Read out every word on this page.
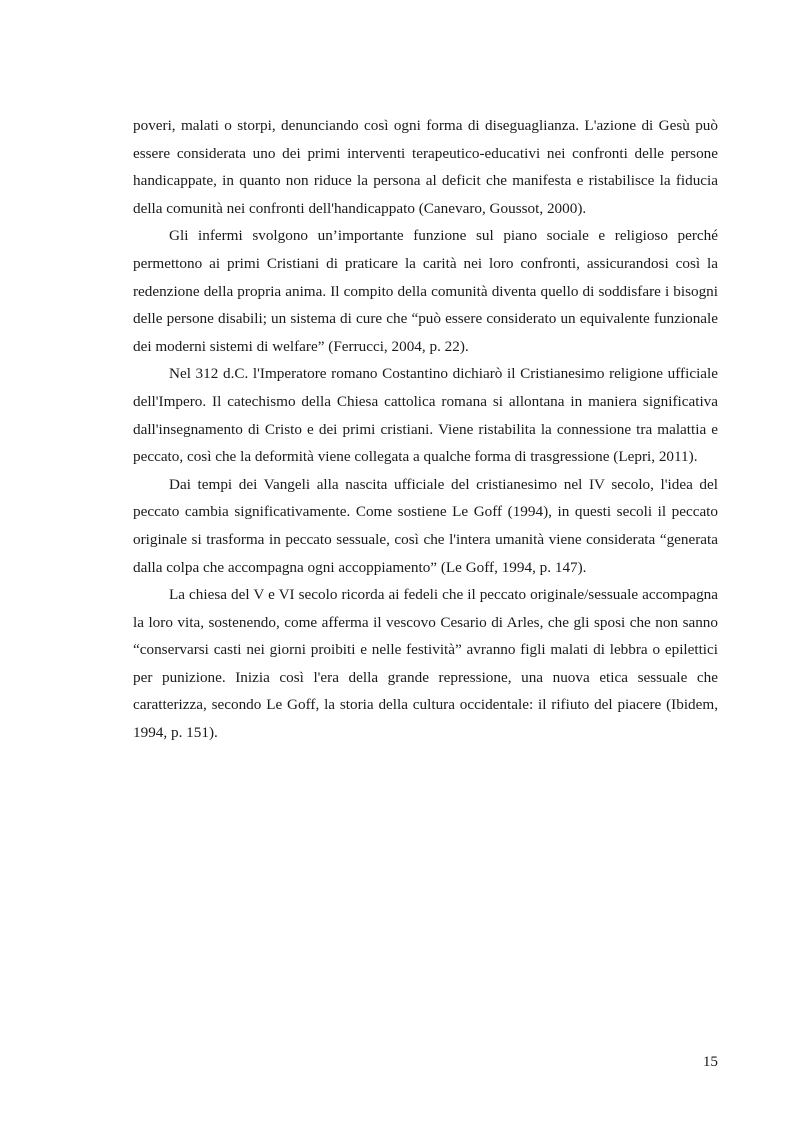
poveri, malati o storpi, denunciando così ogni forma di diseguaglianza. L'azione di Gesù può essere considerata uno dei primi interventi terapeutico-educativi nei confronti delle persone handicappate, in quanto non riduce la persona al deficit che manifesta e ristabilisce la fiducia della comunità nei confronti dell'handicappato (Canevaro, Goussot, 2000).

Gli infermi svolgono un’importante funzione sul piano sociale e religioso perché permettono ai primi Cristiani di praticare la carità nei loro confronti, assicurandosi così la redenzione della propria anima. Il compito della comunità diventa quello di soddisfare i bisogni delle persone disabili; un sistema di cure che “può essere considerato un equivalente funzionale dei moderni sistemi di welfare” (Ferrucci, 2004, p. 22).

Nel 312 d.C. l'Imperatore romano Costantino dichiarò il Cristianesimo religione ufficiale dell'Impero. Il catechismo della Chiesa cattolica romana si allontana in maniera significativa dall'insegnamento di Cristo e dei primi cristiani. Viene ristabilita la connessione tra malattia e peccato, così che la deformità viene collegata a qualche forma di trasgressione (Lepri, 2011).

Dai tempi dei Vangeli alla nascita ufficiale del cristianesimo nel IV secolo, l'idea del peccato cambia significativamente. Come sostiene Le Goff (1994), in questi secoli il peccato originale si trasforma in peccato sessuale, così che l'intera umanità viene considerata “generata dalla colpa che accompagna ogni accoppiamento” (Le Goff, 1994, p. 147).

La chiesa del V e VI secolo ricorda ai fedeli che il peccato originale/sessuale accompagna la loro vita, sostenendo, come afferma il vescovo Cesario di Arles, che gli sposi che non sanno “conservarsi casti nei giorni proibiti e nelle festività” avranno figli malati di lebbra o epilettici per punizione. Inizia così l'era della grande repressione, una nuova etica sessuale che caratterizza, secondo Le Goff, la storia della cultura occidentale: il rifiuto del piacere (Ibidem, 1994, p. 151).

15
